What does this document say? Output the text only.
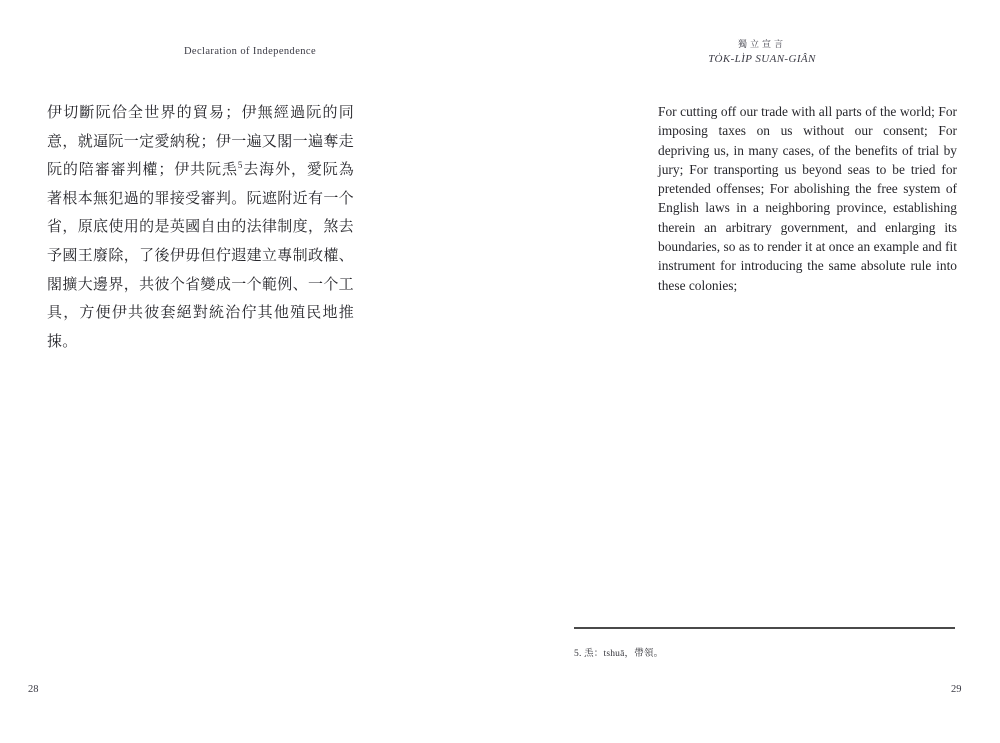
Declaration of Independence

伊切斷阮佮全世界的貿易；伊無經過阮的同意，就逼阮一定愛納稅；伊一遍又閣一遍奪走阮的陪審審判權；伊共阮𤆬$^5$去海外，愛阮為著根本無犯過的罪接受審判。阮遮附近有一个省，原底使用的是英國自由的法律制度，煞去予國王廢除，了後伊毋但佇遐建立專制政權、閣擴大邊界，共彼个省變成一个範例、一个工具，方便伊共彼套絕對統治佇其他殖民地推捒。

28
獨立宣言
TO̍K-LI̍P SUAN-GIÂN

For cutting off our trade with all parts of the world; For imposing taxes on us without our consent; For depriving us, in many cases, of the benefits of trial by jury; For transporting us beyond seas to be tried for pretended offenses; For abolishing the free system of English laws in a neighboring province, establishing therein an arbitrary government, and enlarging its boundaries, so as to render it at once an example and fit instrument for introducing the same absolute rule into these colonies;

5. 𤆬：tshuā，帶領。
29
